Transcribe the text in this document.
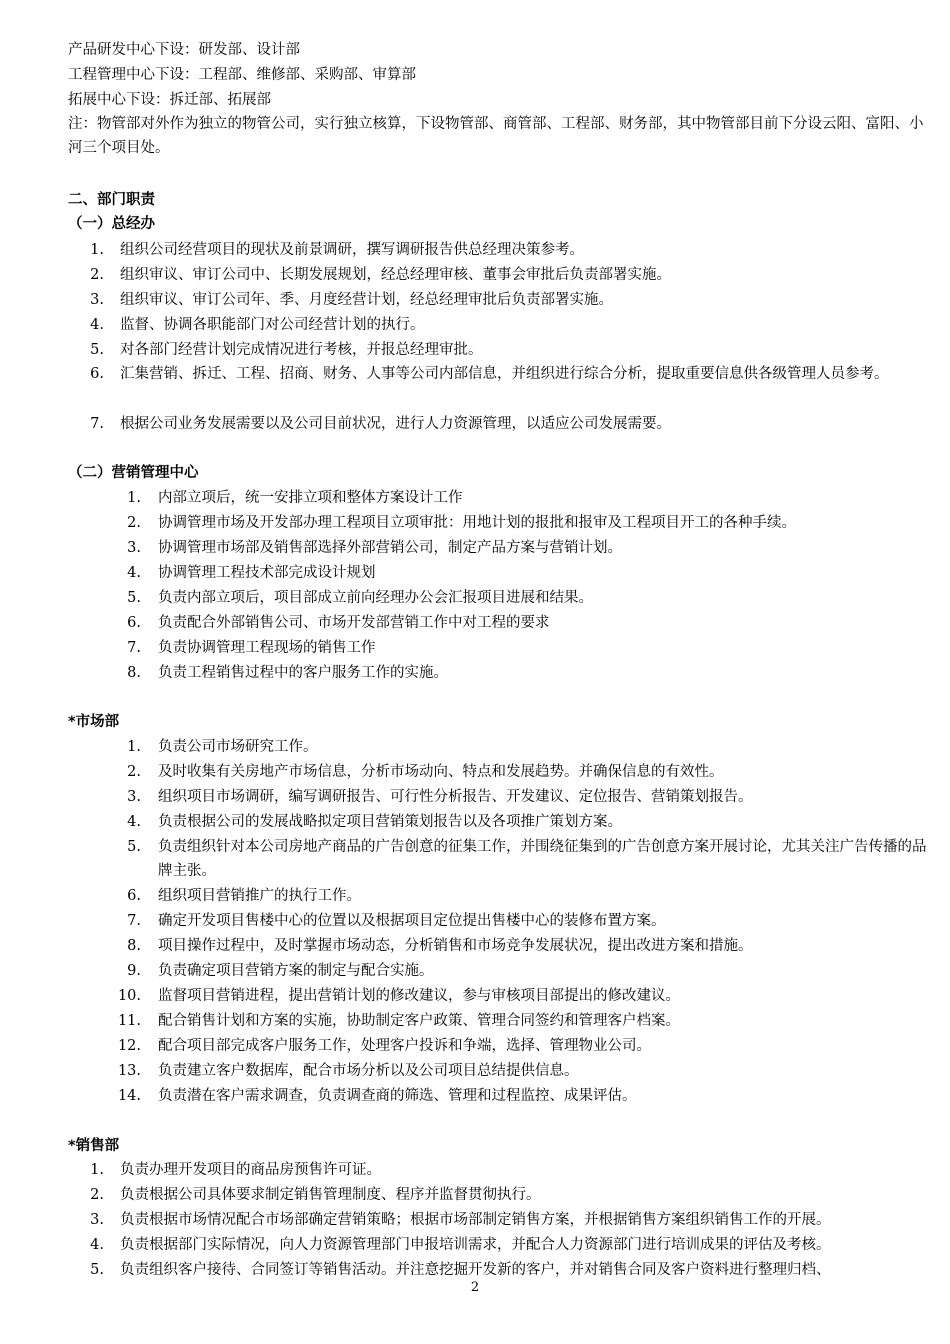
产品研发中心下设：研发部、设计部
工程管理中心下设：工程部、维修部、采购部、审算部
拓展中心下设：拆迁部、拓展部
注：物管部对外作为独立的物管公司，实行独立核算，下设物管部、商管部、工程部、财务部，其中物管部目前下分设云阳、富阳、小河三个项目处。
二、部门职责
（一）总经办
1. 组织公司经营项目的现状及前景调研，撰写调研报告供总经理决策参考。
2. 组织审议、审订公司中、长期发展规划，经总经理审核、董事会审批后负责部署实施。
3. 组织审议、审订公司年、季、月度经营计划，经总经理审批后负责部署实施。
4. 监督、协调各职能部门对公司经营计划的执行。
5. 对各部门经营计划完成情况进行考核，并报总经理审批。
6. 汇集营销、拆迁、工程、招商、财务、人事等公司内部信息，并组织进行综合分析，提取重要信息供各级管理人员参考。
7. 根据公司业务发展需要以及公司目前状况，进行人力资源管理，以适应公司发展需要。
（二）营销管理中心
1. 内部立项后，统一安排立项和整体方案设计工作
2. 协调管理市场及开发部办理工程项目立项审批：用地计划的报批和报审及工程项目开工的各种手续。
3. 协调管理市场部及销售部选择外部营销公司，制定产品方案与营销计划。
4. 协调管理工程技术部完成设计规划
5. 负责内部立项后，项目部成立前向经理办公会汇报项目进展和结果。
6. 负责配合外部销售公司、市场开发部营销工作中对工程的要求
7. 负责协调管理工程现场的销售工作
8. 负责工程销售过程中的客户服务工作的实施。
*市场部
1. 负责公司市场研究工作。
2. 及时收集有关房地产市场信息，分析市场动向、特点和发展趋势。并确保信息的有效性。
3. 组织项目市场调研，编写调研报告、可行性分析报告、开发建议、定位报告、营销策划报告。
4. 负责根据公司的发展战略拟定项目营销策划报告以及各项推广策划方案。
5. 负责组织针对本公司房地产商品的广告创意的征集工作，并围绕征集到的广告创意方案开展讨论，尤其关注广告传播的品牌主张。
6. 组织项目营销推广的执行工作。
7. 确定开发项目售楼中心的位置以及根据项目定位提出售楼中心的装修布置方案。
8. 项目操作过程中，及时掌握市场动态，分析销售和市场竞争发展状况，提出改进方案和措施。
9. 负责确定项目营销方案的制定与配合实施。
10. 监督项目营销进程，提出营销计划的修改建议，参与审核项目部提出的修改建议。
11. 配合销售计划和方案的实施，协助制定客户政策、管理合同签约和管理客户档案。
12. 配合项目部完成客户服务工作，处理客户投诉和争端，选择、管理物业公司。
13. 负责建立客户数据库，配合市场分析以及公司项目总结提供信息。
14. 负责潜在客户需求调查，负责调查商的筛选、管理和过程监控、成果评估。
*销售部
1. 负责办理开发项目的商品房预售许可证。
2. 负责根据公司具体要求制定销售管理制度、程序并监督贯彻执行。
3. 负责根据市场情况配合市场部确定营销策略；根据市场部制定销售方案，并根据销售方案组织销售工作的开展。
4. 负责根据部门实际情况，向人力资源管理部门申报培训需求，并配合人力资源部门进行培训成果的评估及考核。
5. 负责组织客户接待、合同签订等销售活动。并注意挖掘开发新的客户，并对销售合同及客户资料进行整理归档、
2
